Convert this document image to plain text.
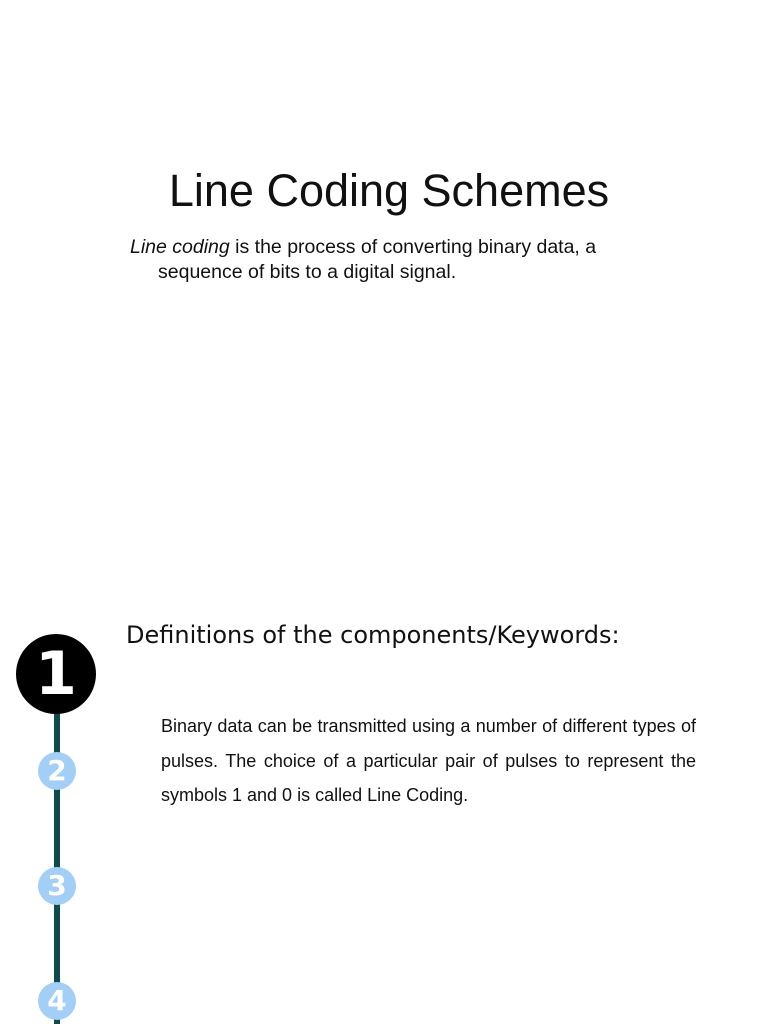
Line Coding Schemes

Line coding is the process of converting binary data, a
sequence of bits to a digital signal.

Definitions of the components/Keywords:

Binary data can be transmitted using a number of different types of pulses. The choice of a particular pair of pulses to represent the symbols 1 and 0 is called Line Coding.

1
2
3
4
